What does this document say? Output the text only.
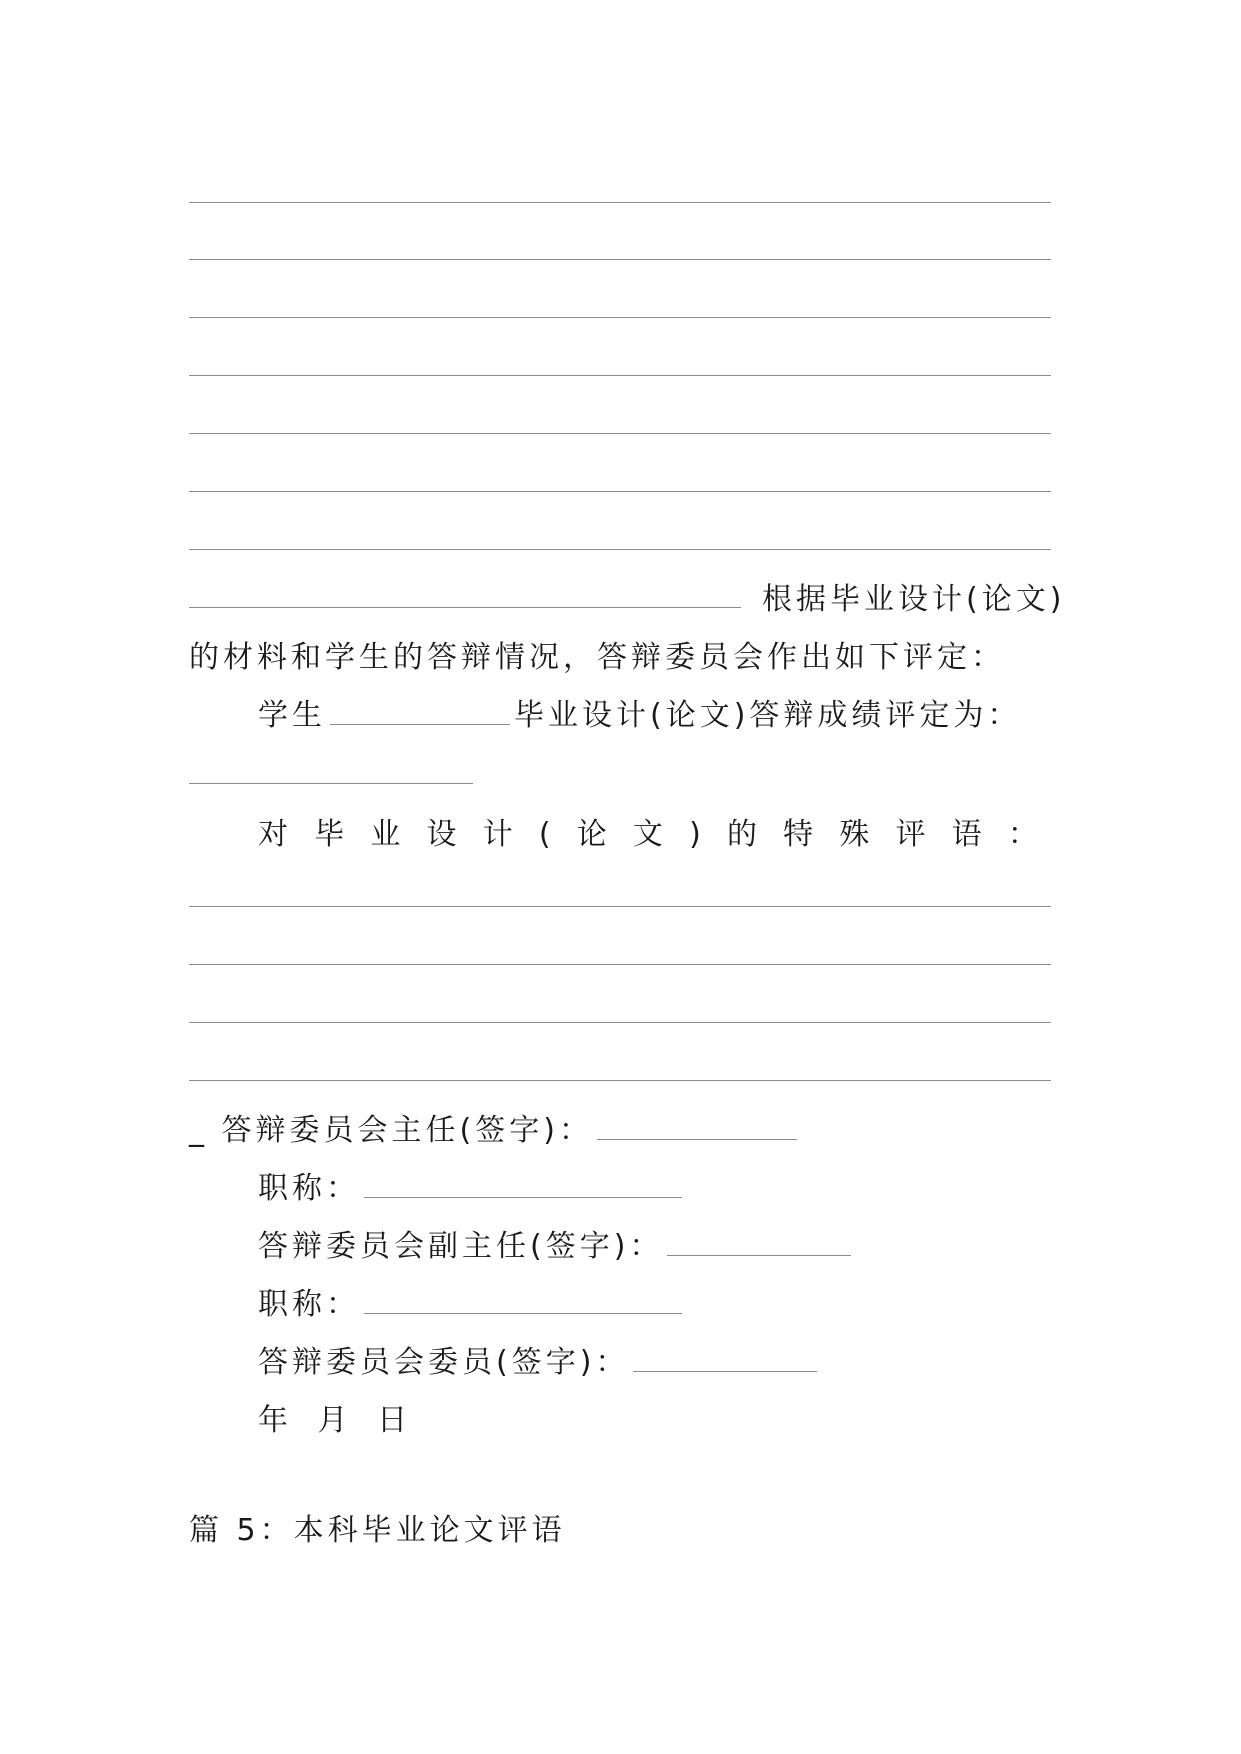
根据毕业设计(论文)
的材料和学生的答辩情况，答辩委员会作出如下评定：
学生	毕业设计(论文)答辩成绩评定为：
对 毕 业 设 计 ( 论 文 ) 的 特 殊 评 语 ：
_ 答辩委员会主任(签字)：
职称：
答辩委员会副主任(签字)：
职称：
答辩委员会委员(签字)：
年 月 日
篇 5：本科毕业论文评语
